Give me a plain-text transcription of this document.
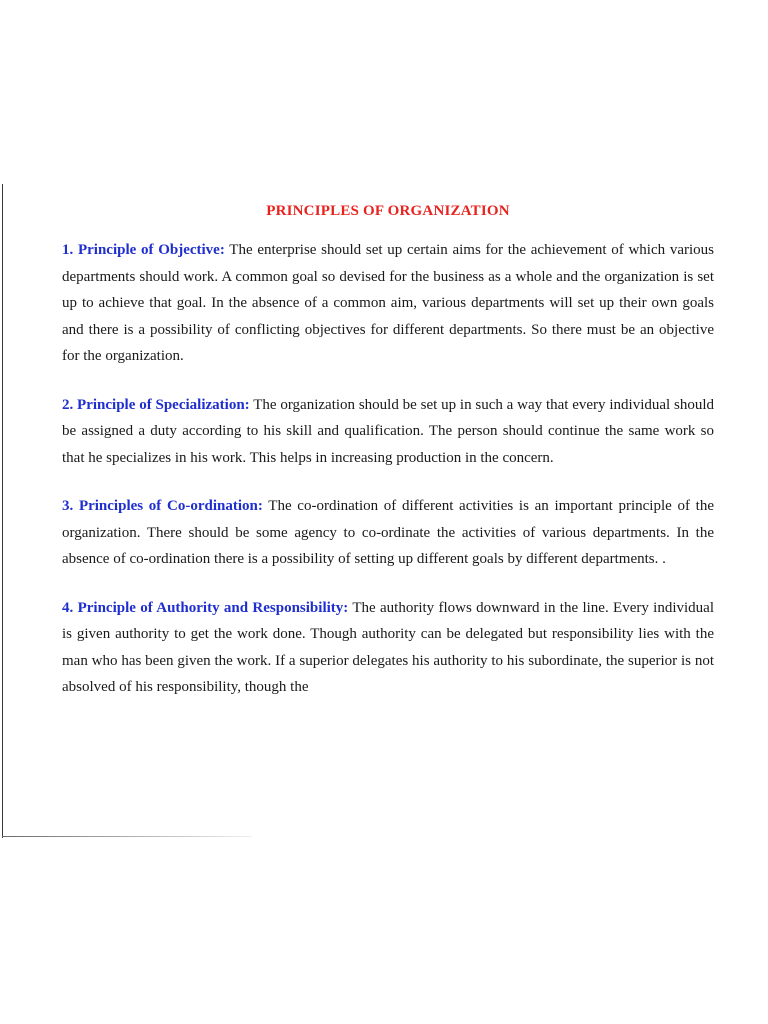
PRINCIPLES OF ORGANIZATION

1. Principle of Objective: The enterprise should set up certain aims for the achievement of which various departments should work. A common goal so devised for the business as a whole and the organization is set up to achieve that goal. In the absence of a common aim, various departments will set up their own goals and there is a possibility of conflicting objectives for different departments. So there must be an objective for the organization.

2. Principle of Specialization: The organization should be set up in such a way that every individual should be assigned a duty according to his skill and qualification. The person should continue the same work so that he specializes in his work. This helps in increasing production in the concern.

3. Principles of Co-ordination: The co-ordination of different activities is an important principle of the organization. There should be some agency to co-ordinate the activities of various departments. In the absence of co-ordination there is a possibility of setting up different goals by different departments. .

4. Principle of Authority and Responsibility: The authority flows downward in the line. Every individual is given authority to get the work done. Though authority can be delegated but responsibility lies with the man who has been given the work. If a superior delegates his authority to his subordinate, the superior is not absolved of his responsibility, though the
